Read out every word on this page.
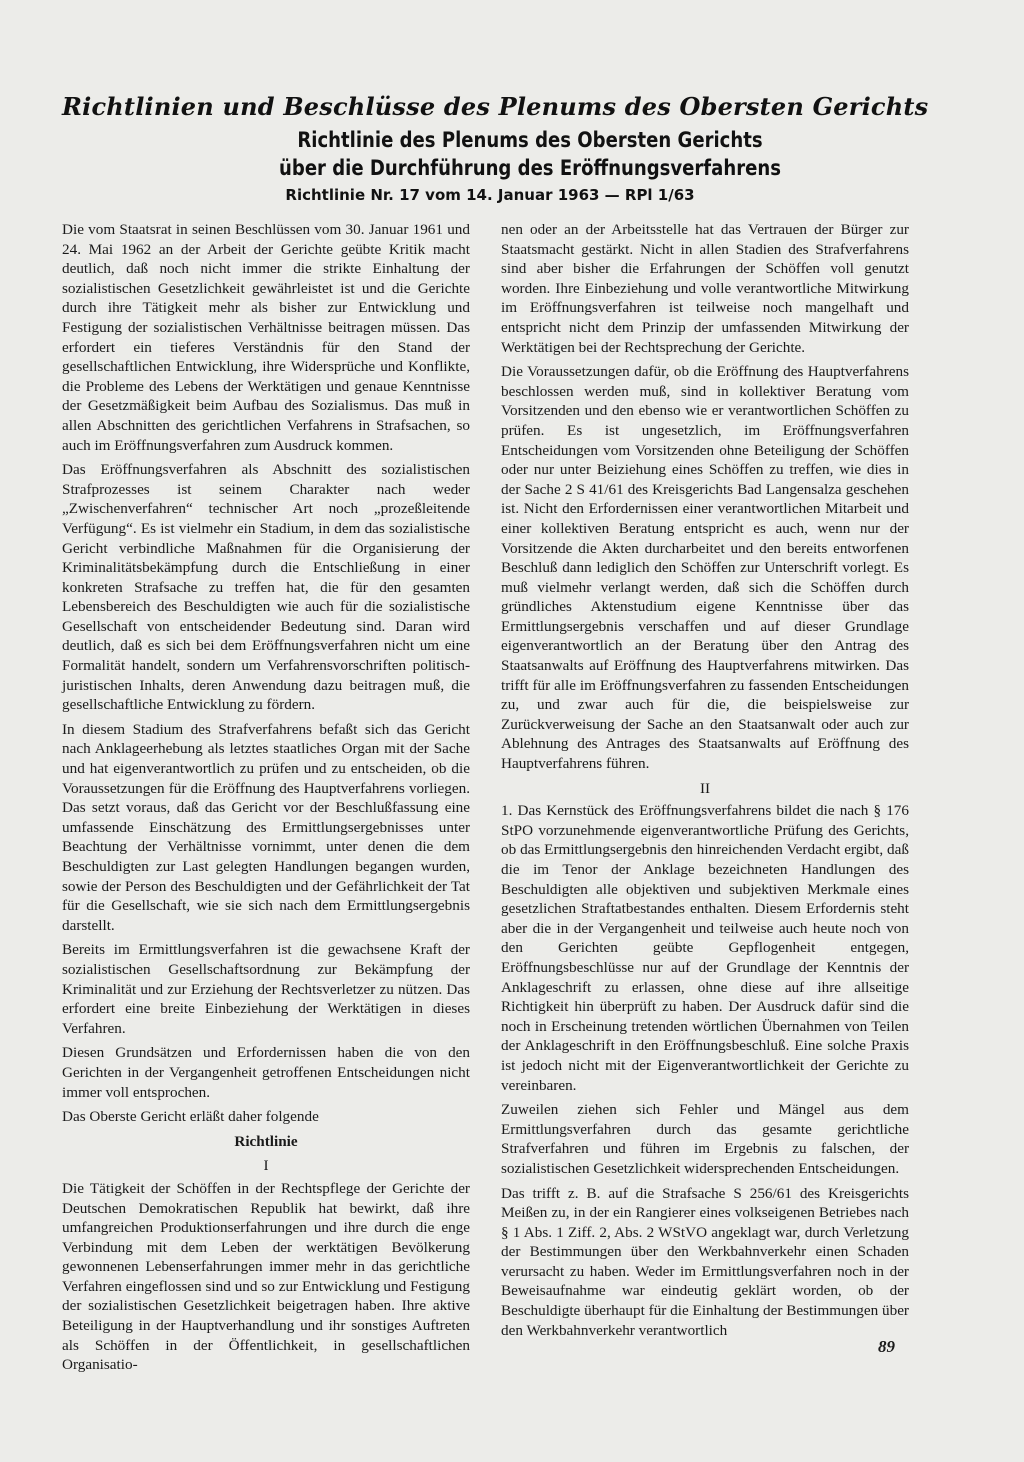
Richtlinien und Beschlüsse des Plenums des Obersten Gerichts
Richtlinie des Plenums des Obersten Gerichts
über die Durchführung des Eröffnungsverfahrens
Richtlinie Nr. 17 vom 14. Januar 1963 — RPl 1/63

Die vom Staatsrat in seinen Beschlüssen vom 30. Januar 1961 und 24. Mai 1962 an der Arbeit der Gerichte geübte Kritik macht deutlich, daß noch nicht immer die strikte Einhaltung der sozialistischen Gesetzlichkeit gewährleistet ist und die Gerichte durch ihre Tätigkeit mehr als bisher zur Entwicklung und Festigung der sozialistischen Verhältnisse beitragen müssen. Das erfordert ein tieferes Verständnis für den Stand der gesellschaftlichen Entwicklung, ihre Widersprüche und Konflikte, die Probleme des Lebens der Werktätigen und genaue Kenntnisse der Gesetzmäßigkeit beim Aufbau des Sozialismus. Das muß in allen Abschnitten des gerichtlichen Verfahrens in Strafsachen, so auch im Eröffnungsverfahren zum Ausdruck kommen.

Das Eröffnungsverfahren als Abschnitt des sozialistischen Strafprozesses ist seinem Charakter nach weder „Zwischenverfahren“ technischer Art noch „prozeßleitende Verfügung“. Es ist vielmehr ein Stadium, in dem das sozialistische Gericht verbindliche Maßnahmen für die Organisierung der Kriminalitätsbekämpfung durch die Entschließung in einer konkreten Strafsache zu treffen hat, die für den gesamten Lebensbereich des Beschuldigten wie auch für die sozialistische Gesellschaft von entscheidender Bedeutung sind. Daran wird deutlich, daß es sich bei dem Eröffnungsverfahren nicht um eine Formalität handelt, sondern um Verfahrensvorschriften politisch-juristischen Inhalts, deren Anwendung dazu beitragen muß, die gesellschaftliche Entwicklung zu fördern.

In diesem Stadium des Strafverfahrens befaßt sich das Gericht nach Anklageerhebung als letztes staatliches Organ mit der Sache und hat eigenverantwortlich zu prüfen und zu entscheiden, ob die Voraussetzungen für die Eröffnung des Hauptverfahrens vorliegen. Das setzt voraus, daß das Gericht vor der Beschlußfassung eine umfassende Einschätzung des Ermittlungsergebnisses unter Beachtung der Verhältnisse vornimmt, unter denen die dem Beschuldigten zur Last gelegten Handlungen begangen wurden, sowie der Person des Beschuldigten und der Gefährlichkeit der Tat für die Gesellschaft, wie sie sich nach dem Ermittlungsergebnis darstellt.

Bereits im Ermittlungsverfahren ist die gewachsene Kraft der sozialistischen Gesellschaftsordnung zur Bekämpfung der Kriminalität und zur Erziehung der Rechtsverletzer zu nützen. Das erfordert eine breite Einbeziehung der Werktätigen in dieses Verfahren.

Diesen Grundsätzen und Erfordernissen haben die von den Gerichten in der Vergangenheit getroffenen Entscheidungen nicht immer voll entsprochen.

Das Oberste Gericht erläßt daher folgende

Richtlinie

I

Die Tätigkeit der Schöffen in der Rechtspflege der Gerichte der Deutschen Demokratischen Republik hat bewirkt, daß ihre umfangreichen Produktionserfahrungen und ihre durch die enge Verbindung mit dem Leben der werktätigen Bevölkerung gewonnenen Lebenserfahrungen immer mehr in das gerichtliche Verfahren eingeflossen sind und so zur Entwicklung und Festigung der sozialistischen Gesetzlichkeit beigetragen haben. Ihre aktive Beteiligung in der Hauptverhandlung und ihr sonstiges Auftreten als Schöffen in der Öffentlichkeit, in gesellschaftlichen Organisatio-

nen oder an der Arbeitsstelle hat das Vertrauen der Bürger zur Staatsmacht gestärkt. Nicht in allen Stadien des Strafverfahrens sind aber bisher die Erfahrungen der Schöffen voll genutzt worden. Ihre Einbeziehung und volle verantwortliche Mitwirkung im Eröffnungsverfahren ist teilweise noch mangelhaft und entspricht nicht dem Prinzip der umfassenden Mitwirkung der Werktätigen bei der Rechtsprechung der Gerichte.

Die Voraussetzungen dafür, ob die Eröffnung des Hauptverfahrens beschlossen werden muß, sind in kollektiver Beratung vom Vorsitzenden und den ebenso wie er verantwortlichen Schöffen zu prüfen. Es ist ungesetzlich, im Eröffnungsverfahren Entscheidungen vom Vorsitzenden ohne Beteiligung der Schöffen oder nur unter Beiziehung eines Schöffen zu treffen, wie dies in der Sache 2 S 41/61 des Kreisgerichts Bad Langensalza geschehen ist. Nicht den Erfordernissen einer verantwortlichen Mitarbeit und einer kollektiven Beratung entspricht es auch, wenn nur der Vorsitzende die Akten durcharbeitet und den bereits entworfenen Beschluß dann lediglich den Schöffen zur Unterschrift vorlegt. Es muß vielmehr verlangt werden, daß sich die Schöffen durch gründliches Aktenstudium eigene Kenntnisse über das Ermittlungsergebnis verschaffen und auf dieser Grundlage eigenverantwortlich an der Beratung über den Antrag des Staatsanwalts auf Eröffnung des Hauptverfahrens mitwirken. Das trifft für alle im Eröffnungsverfahren zu fassenden Entscheidungen zu, und zwar auch für die, die beispielsweise zur Zurückverweisung der Sache an den Staatsanwalt oder auch zur Ablehnung des Antrages des Staatsanwalts auf Eröffnung des Hauptverfahrens führen.

II

1. Das Kernstück des Eröffnungsverfahrens bildet die nach § 176 StPO vorzunehmende eigenverantwortliche Prüfung des Gerichts, ob das Ermittlungsergebnis den hinreichenden Verdacht ergibt, daß die im Tenor der Anklage bezeichneten Handlungen des Beschuldigten alle objektiven und subjektiven Merkmale eines gesetzlichen Straftatbestandes enthalten. Diesem Erfordernis steht aber die in der Vergangenheit und teilweise auch heute noch von den Gerichten geübte Gepflogenheit entgegen, Eröffnungsbeschlüsse nur auf der Grundlage der Kenntnis der Anklageschrift zu erlassen, ohne diese auf ihre allseitige Richtigkeit hin überprüft zu haben. Der Ausdruck dafür sind die noch in Erscheinung tretenden wörtlichen Übernahmen von Teilen der Anklageschrift in den Eröffnungsbeschluß. Eine solche Praxis ist jedoch nicht mit der Eigenverantwortlichkeit der Gerichte zu vereinbaren.

Zuweilen ziehen sich Fehler und Mängel aus dem Ermittlungsverfahren durch das gesamte gerichtliche Strafverfahren und führen im Ergebnis zu falschen, der sozialistischen Gesetzlichkeit widersprechenden Entscheidungen.

Das trifft z. B. auf die Strafsache S 256/61 des Kreisgerichts Meißen zu, in der ein Rangierer eines volkseigenen Betriebes nach § 1 Abs. 1 Ziff. 2, Abs. 2 WStVO angeklagt war, durch Verletzung der Bestimmungen über den Werkbahnverkehr einen Schaden verursacht zu haben. Weder im Ermittlungsverfahren noch in der Beweisaufnahme war eindeutig geklärt worden, ob der Beschuldigte überhaupt für die Einhaltung der Bestimmungen über den Werkbahnverkehr verantwortlich

89
